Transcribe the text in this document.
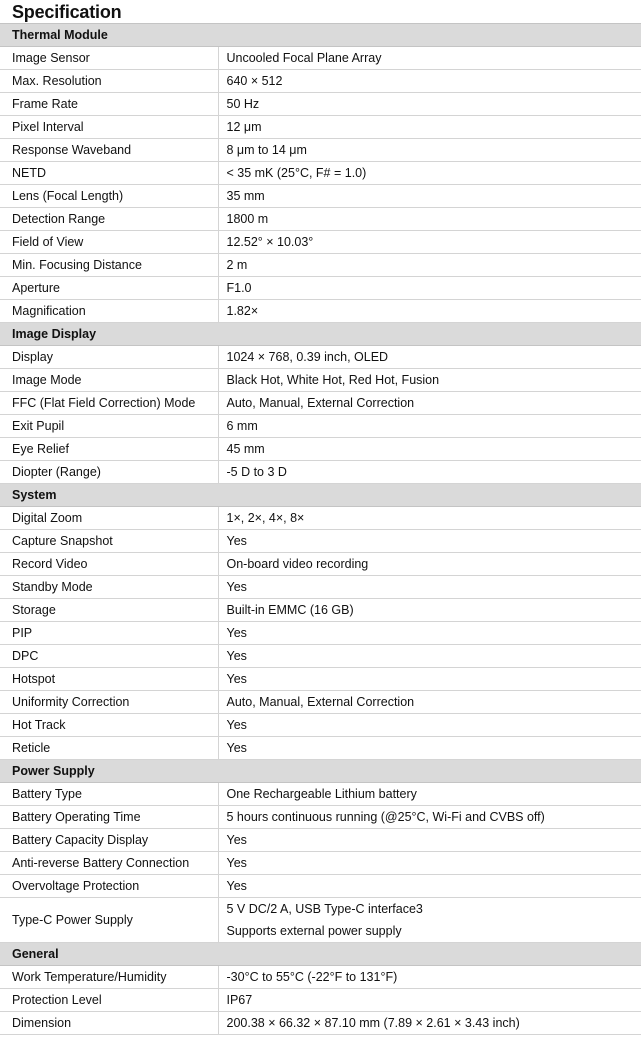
Specification
Thermal Module	
Image Sensor	Uncooled Focal Plane Array
Max. Resolution	640 × 512
Frame Rate	50 Hz
Pixel Interval	12 μm
Response Waveband	8 μm to 14 μm
NETD	< 35 mK (25°C, F# = 1.0)
Lens (Focal Length)	35 mm
Detection Range	1800 m
Field of View	12.52° × 10.03°
Min. Focusing Distance	2 m
Aperture	F1.0
Magnification	1.82×
Image Display	
Display	1024 × 768, 0.39 inch, OLED
Image Mode	Black Hot, White Hot, Red Hot, Fusion
FFC (Flat Field Correction) Mode	Auto, Manual, External Correction
Exit Pupil	6 mm
Eye Relief	45 mm
Diopter (Range)	-5 D to 3 D
System	
Digital Zoom	1×, 2×, 4×, 8×
Capture Snapshot	Yes
Record Video	On-board video recording
Standby Mode	Yes
Storage	Built-in EMMC (16 GB)
PIP	Yes
DPC	Yes
Hotspot	Yes
Uniformity Correction	Auto, Manual, External Correction
Hot Track	Yes
Reticle	Yes
Power Supply	
Battery Type	One Rechargeable Lithium battery
Battery Operating Time	5 hours continuous running (@25°C, Wi-Fi and CVBS off)
Battery Capacity Display	Yes
Anti-reverse Battery Connection	Yes
Overvoltage Protection	Yes
Type-C Power Supply	5 V DC/2 A, USB Type-C interface3
Supports external power supply

General	
Work Temperature/Humidity	-30°C to 55°C (-22°F to 131°F)
Protection Level	IP67
Dimension	200.38 × 66.32 × 87.10 mm (7.89 × 2.61 × 3.43 inch)
